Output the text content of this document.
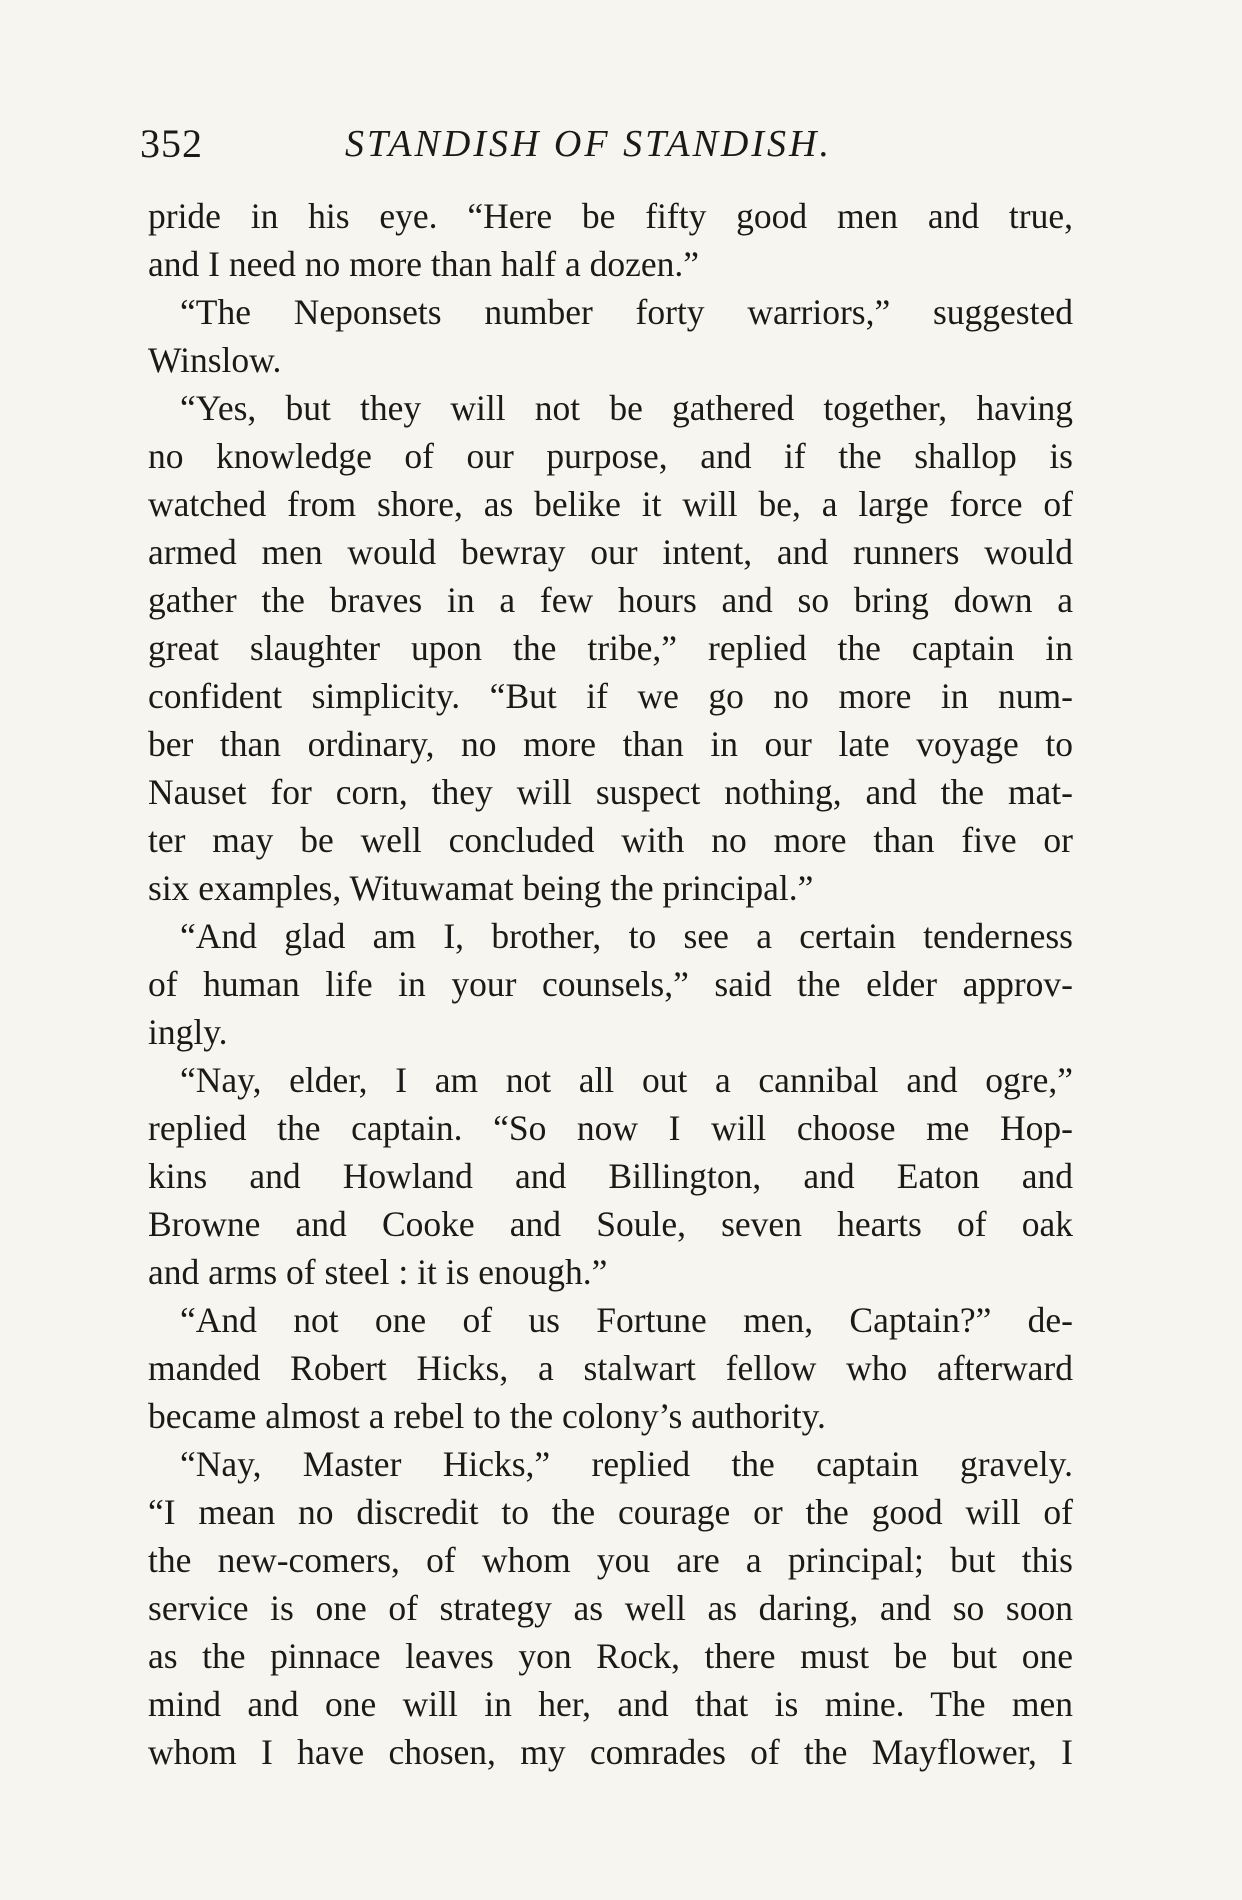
352	STANDISH OF STANDISH.
pride in his eye. “Here be fifty good men and true,
and I need no more than half a dozen.”
“The Neponsets number forty warriors,” suggested
Winslow.
“Yes, but they will not be gathered together, having
no knowledge of our purpose, and if the shallop is
watched from shore, as belike it will be, a large force of
armed men would bewray our intent, and runners would
gather the braves in a few hours and so bring down a
great slaughter upon the tribe,” replied the captain in
confident simplicity. “But if we go no more in num-
ber than ordinary, no more than in our late voyage to
Nauset for corn, they will suspect nothing, and the mat-
ter may be well concluded with no more than five or
six examples, Wituwamat being the principal.”
“And glad am I, brother, to see a certain tenderness
of human life in your counsels,” said the elder approv-
ingly.
“Nay, elder, I am not all out a cannibal and ogre,”
replied the captain. “So now I will choose me Hop-
kins and Howland and Billington, and Eaton and
Browne and Cooke and Soule, seven hearts of oak
and arms of steel : it is enough.”
“And not one of us Fortune men, Captain?” de-
manded Robert Hicks, a stalwart fellow who afterward
became almost a rebel to the colony’s authority.
“Nay, Master Hicks,” replied the captain gravely.
“I mean no discredit to the courage or the good will of
the new-comers, of whom you are a principal; but this
service is one of strategy as well as daring, and so soon
as the pinnace leaves yon Rock, there must be but one
mind and one will in her, and that is mine. The men
whom I have chosen, my comrades of the Mayflower, I
